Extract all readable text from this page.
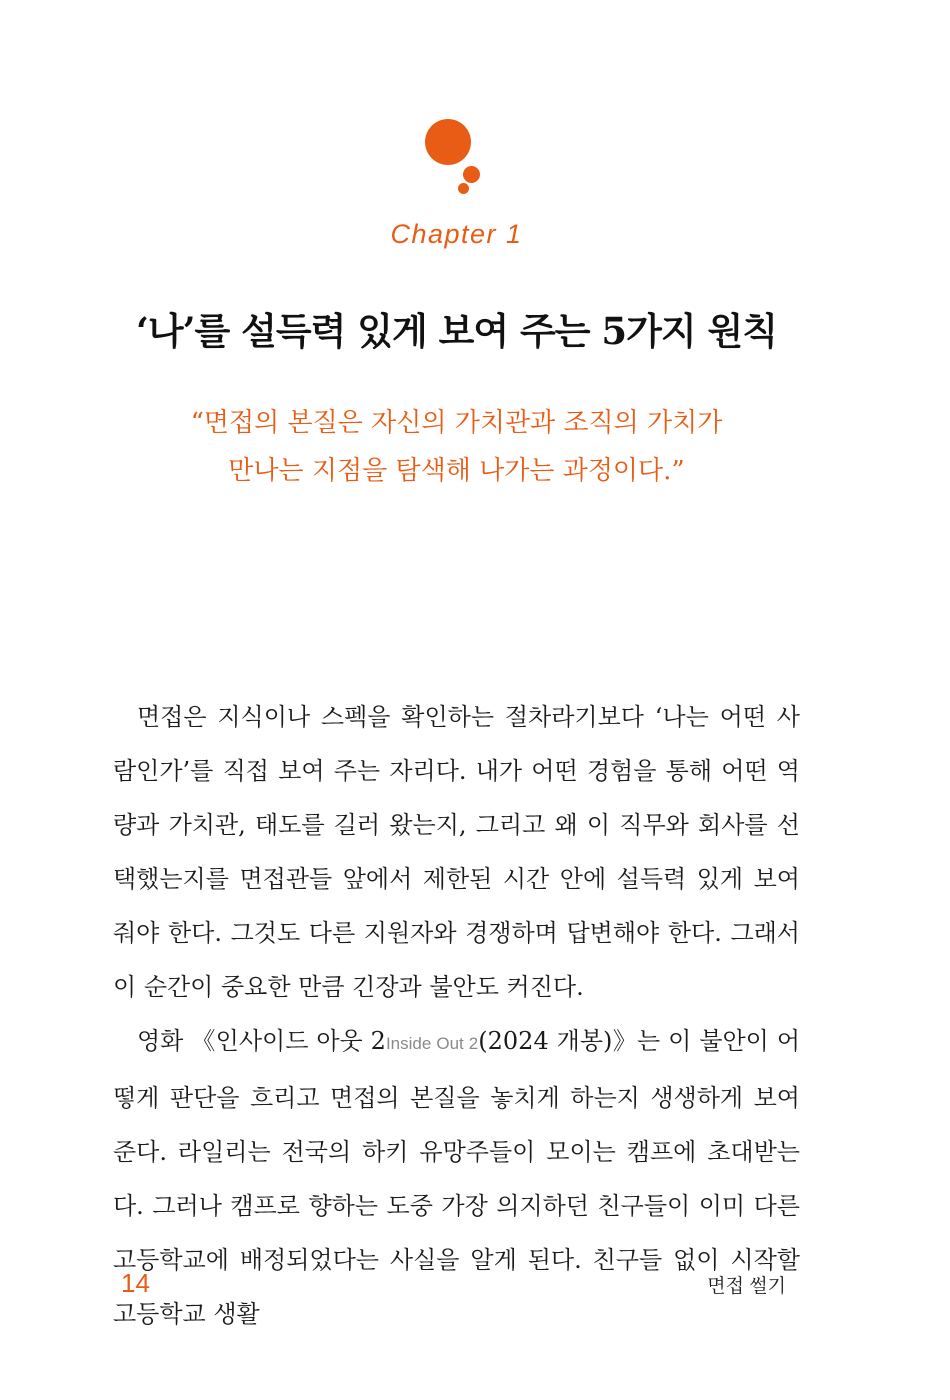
Chapter 1
‘나’를 설득력 있게 보여 주는 5가지 원칙
“면접의 본질은 자신의 가치관과 조직의 가치가
만나는 지점을 탐색해 나가는 과정이다.”

면접은 지식이나 스펙을 확인하는 절차라기보다 ‘나는 어떤 사람인가’를 직접 보여 주는 자리다. 내가 어떤 경험을 통해 어떤 역량과 가치관, 태도를 길러 왔는지, 그리고 왜 이 직무와 회사를 선택했는지를 면접관들 앞에서 제한된 시간 안에 설득력 있게 보여 줘야 한다. 그것도 다른 지원자와 경쟁하며 답변해야 한다. 그래서 이 순간이 중요한 만큼 긴장과 불안도 커진다.

영화 《인사이드 아웃 2Inside Out 2(2024 개봉)》는 이 불안이 어떻게 판단을 흐리고 면접의 본질을 놓치게 하는지 생생하게 보여 준다. 라일리는 전국의 하키 유망주들이 모이는 캠프에 초대받는다. 그러나 캠프로 향하는 도중 가장 의지하던 친구들이 이미 다른 고등학교에 배정되었다는 사실을 알게 된다. 친구들 없이 시작할 고등학교 생활

14	면접 썰기
